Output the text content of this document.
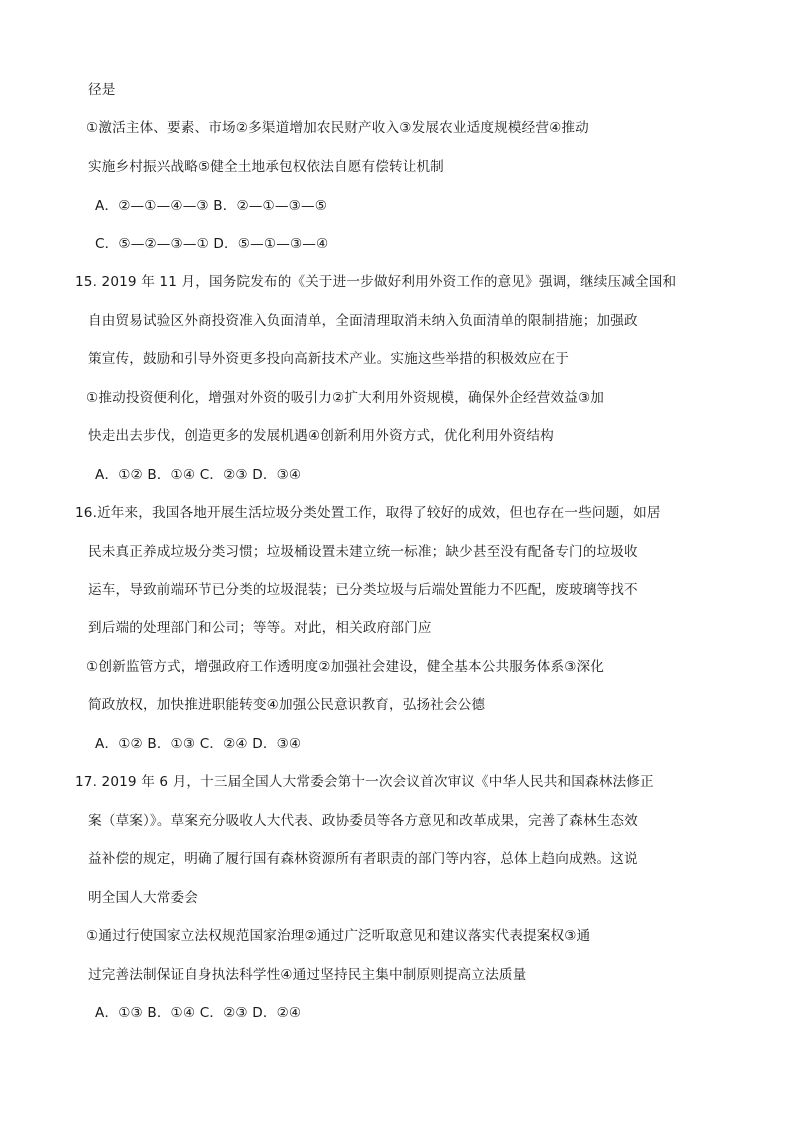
径是
①激活主体、要素、市场②多渠道增加农民财产收入③发展农业适度规模经营④推动
实施乡村振兴战略⑤健全土地承包权依法自愿有偿转让机制
A．②—①—④—③ B．②—①—③—⑤
C．⑤—②—③—① D．⑤—①—③—④
15. 2019 年 11 月，国务院发布的《关于进一步做好利用外资工作的意见》强调，继续压减全国和
自由贸易试验区外商投资准入负面清单，全面清理取消未纳入负面清单的限制措施；加强政
策宣传，鼓励和引导外资更多投向高新技术产业。实施这些举措的积极效应在于
①推动投资便利化，增强对外资的吸引力②扩大利用外资规模，确保外企经营效益③加
快走出去步伐，创造更多的发展机遇④创新利用外资方式，优化利用外资结构
A．①② B．①④ C．②③ D．③④
16.近年来，我国各地开展生活垃圾分类处置工作，取得了较好的成效，但也存在一些问题，如居
民未真正养成垃圾分类习惯；垃圾桶设置未建立统一标准；缺少甚至没有配备专门的垃圾收
运车，导致前端环节已分类的垃圾混装；已分类垃圾与后端处置能力不匹配，废玻璃等找不
到后端的处理部门和公司；等等。对此，相关政府部门应
①创新监管方式，增强政府工作透明度②加强社会建设，健全基本公共服务体系③深化
简政放权，加快推进职能转变④加强公民意识教育，弘扬社会公德
A．①② B．①③ C．②④ D．③④
17. 2019 年 6 月，十三届全国人大常委会第十一次会议首次审议《中华人民共和国森林法修正
案（草案）》。草案充分吸收人大代表、政协委员等各方意见和改革成果，完善了森林生态效
益补偿的规定，明确了履行国有森林资源所有者职责的部门等内容，总体上趋向成熟。这说
明全国人大常委会
①通过行使国家立法权规范国家治理②通过广泛听取意见和建议落实代表提案权③通
过完善法制保证自身执法科学性④通过坚持民主集中制原则提高立法质量
A．①③ B．①④ C．②③ D．②④
